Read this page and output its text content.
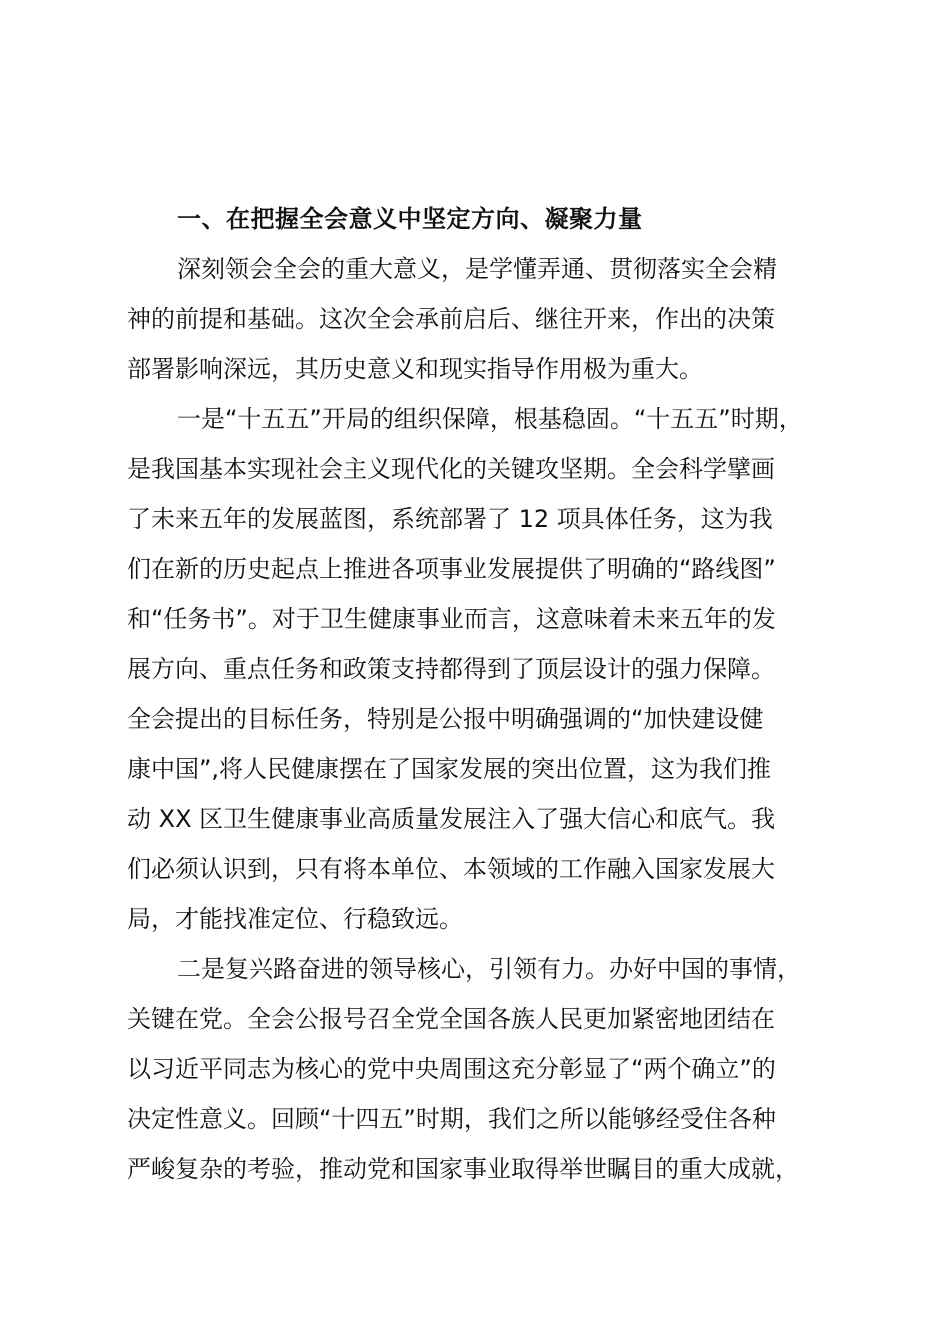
一、在把握全会意义中坚定方向、凝聚力量
深刻领会全会的重大意义，是学懂弄通、贯彻落实全会精
神的前提和基础。这次全会承前启后、继往开来，作出的决策
部署影响深远，其历史意义和现实指导作用极为重大。
一是“十五五”开局的组织保障，根基稳固。“十五五”时期，
是我国基本实现社会主义现代化的关键攻坚期。全会科学擘画
了未来五年的发展蓝图，系统部署了 12 项具体任务，这为我
们在新的历史起点上推进各项事业发展提供了明确的“路线图”
和“任务书”。对于卫生健康事业而言，这意味着未来五年的发
展方向、重点任务和政策支持都得到了顶层设计的强力保障。
全会提出的目标任务，特别是公报中明确强调的“加快建设健
康中国”,将人民健康摆在了国家发展的突出位置，这为我们推
动 XX 区卫生健康事业高质量发展注入了强大信心和底气。我
们必须认识到，只有将本单位、本领域的工作融入国家发展大
局，才能找准定位、行稳致远。
二是复兴路奋进的领导核心，引领有力。办好中国的事情，
关键在党。全会公报号召全党全国各族人民更加紧密地团结在
以习近平同志为核心的党中央周围这充分彰显了“两个确立”的
决定性意义。回顾“十四五”时期，我们之所以能够经受住各种
严峻复杂的考验，推动党和国家事业取得举世瞩目的重大成就，
